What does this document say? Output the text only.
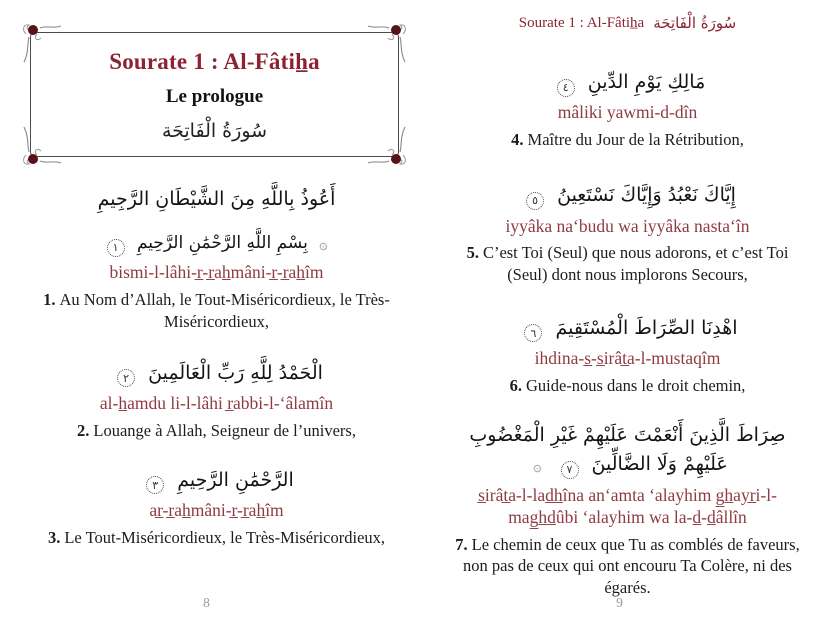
Sourate 1 : Al-Fâtih̲a
Le prologue
سُورَةُ الْفَاتِحَة
أَعُوذُ بِاللَّهِ مِنَ الشَّيْطَانِ الرَّجِيمِ
۞ بِسْمِ اللَّهِ الرَّحْمَٰنِ الرَّحِيمِ ١
bismi-l-lâhi-r̲-r̲ah̲mâni-r̲-r̲ah̲îm
1. Au Nom d’Allah, le Tout-Miséricordieux, le Très-Miséricordieux,
الْحَمْدُ لِلَّهِ رَبِّ الْعَالَمِينَ ٢
al-h̲amdu li-l-lâhi r̲abbi-l-‘âlamîn
2. Louange à Allah, Seigneur de l’univers,
الرَّحْمَٰنِ الرَّحِيمِ ٣
ar̲-r̲ah̲mâni-r̲-r̲ah̲îm
3. Le Tout-Miséricordieux, le Très-Miséricordieux,
8
Sourate 1 : Al-Fâtih̲a سُورَةُ الْفَاتِحَة
مَالِكِ يَوْمِ الدِّينِ ٤
mâliki yawmi-d-dîn
4. Maître du Jour de la Rétribution,
إِيَّاكَ نَعْبُدُ وَإِيَّاكَ نَسْتَعِينُ ٥
iyyâka na‘budu wa iyyâka nasta‘în
5. C’est Toi (Seul) que nous adorons, et c’est Toi (Seul) dont nous implorons Secours,
اهْدِنَا الصِّرَاطَ الْمُسْتَقِيمَ ٦
ihdina-s̲-s̲irât̲a-l-mustaqîm
6. Guide-nous dans le droit chemin,
صِرَاطَ الَّذِينَ أَنْعَمْتَ عَلَيْهِمْ غَيْرِ الْمَغْضُوبِ عَلَيْهِمْ وَلَا الضَّالِّينَ ٧ ۞
s̲irât̲a-l-lad̲h̲îna an‘amta ‘alayhim g̲h̲ayr̲i-l-mag̲h̲d̲ûbi ‘alayhim wa la-d̲-d̲âllîn
7. Le chemin de ceux que Tu as comblés de faveurs, non pas de ceux qui ont encouru Ta Colère, ni des égarés.
9
